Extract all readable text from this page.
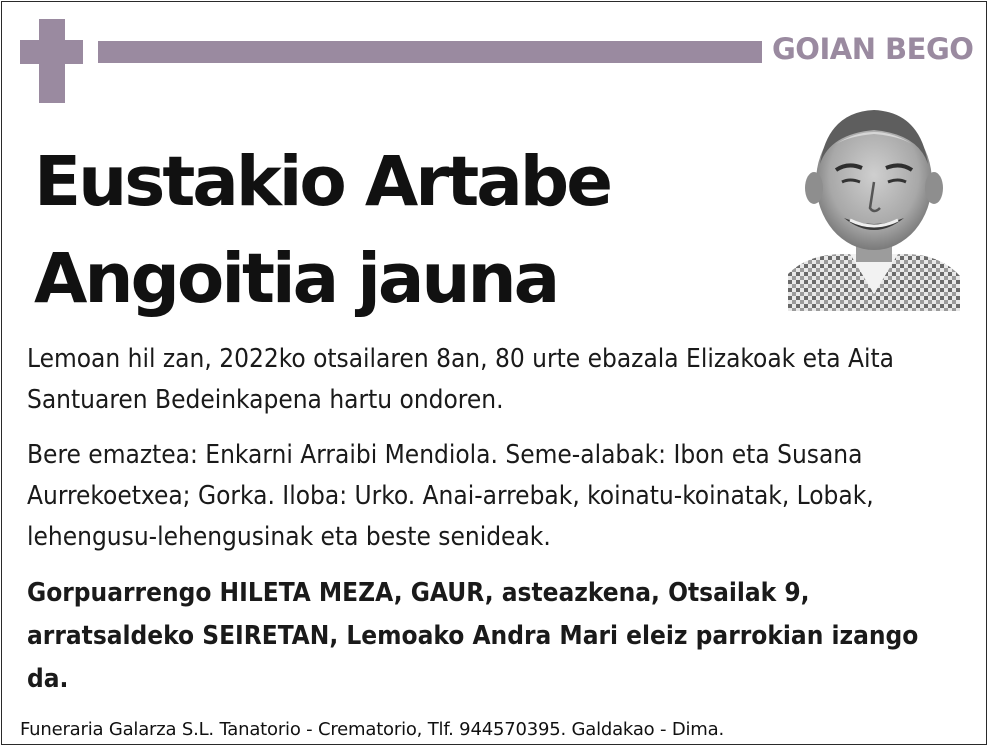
GOIAN BEGO
Eustakio Artabe
Angoitia jauna

Lemoan hil zan, 2022ko otsailaren 8an, 80 urte ebazala Elizakoak eta Aita Santuaren Bedeinkapena hartu ondoren.

Bere emaztea: Enkarni Arraibi Mendiola. Seme-alabak: Ibon eta Susana Aurrekoetxea; Gorka. Iloba: Urko. Anai-arrebak, koinatu-koinatak, Lobak, lehengusu-lehengusinak eta beste senideak.

Gorpuarrengo HILETA MEZA, GAUR, asteazkena, Otsailak 9, arratsaldeko SEIRETAN, Lemoako Andra Mari eleiz parrokian izango da.

Funeraria Galarza S.L. Tanatorio - Crematorio, Tlf. 944570395. Galdakao - Dima.
